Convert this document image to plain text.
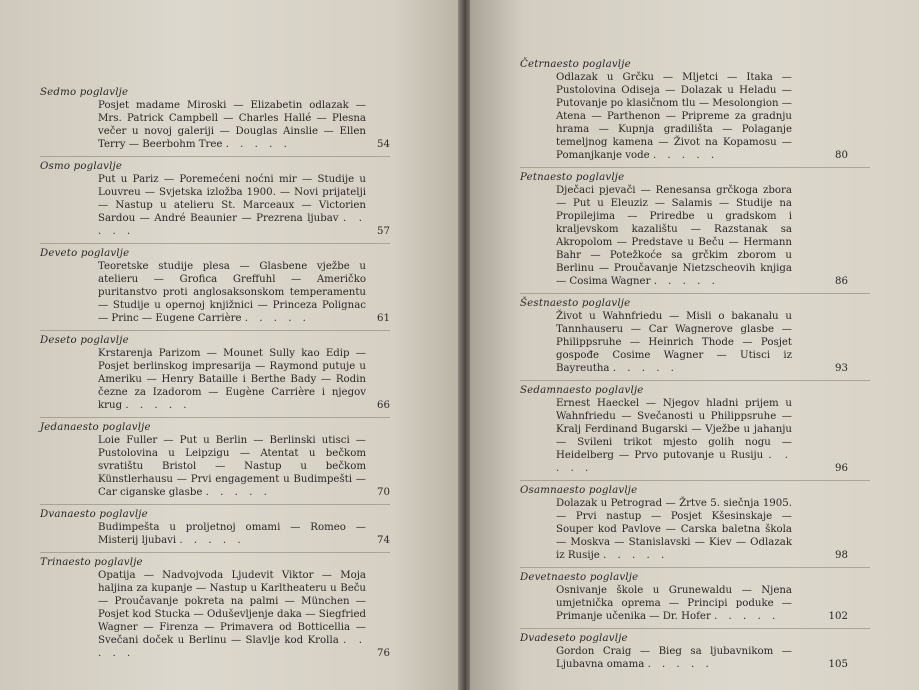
Sedmo poglavlje

Posjet madame Miroski — Elizabetin odlazak — Mrs. Patrick Campbell — Charles Hallé — Plesna večer u novoj galeriji — Douglas Ainslie — Ellen Terry — Beerbohm Tree . . . . .	54

Osmo poglavlje

Put u Pariz — Poremećeni noćni mir — Studije u Louvreu — Svjetska izložba 1900. — Novi prijatelji — Nastup u atelieru St. Marceaux — Victorien Sardou — André Beaunier — Prezrena ljubav . . . . .	57

Deveto poglavlje

Teoretske studije plesa — Glasbene vježbe u atelieru — Grofica Greffuhl — Američko puritanstvo proti anglosaksonskom temperamentu — Studije u opernoj knjižnici — Princeza Polignac — Princ — Eugene Carrière . . . . .	61

Deseto poglavlje

Krstarenja Parizom — Mounet Sully kao Edip — Posjet berlinskog impresarija — Raymond putuje u Ameriku — Henry Bataille i Berthe Bady — Rodin čezne za Izadorom — Eugène Carrière i njegov krug . . . . .	66

Jedanaesto poglavlje

Loie Fuller — Put u Berlin — Berlinski utisci — Pustolovina u Leipzigu — Atentat u bečkom svratištu Bristol — Nastup u bečkom Künstlerhausu — Prvi engagement u Budimpešti — Car ciganske glasbe . . . . .	70

Dvanaesto poglavlje

Budimpešta u proljetnoj omami — Romeo — Misterij ljubavi . . . . .	74

Trinaesto poglavlje

Opatija — Nadvojvoda Ljudevit Viktor — Moja haljina za kupanje — Nastup u Karltheateru u Beču — Proučavanje pokreta na palmi — München — Posjet kod Stucka — Oduševljenje daka — Siegfried Wagner — Firenza — Primavera od Botticellia — Svečani doček u Berlinu — Slavlje kod Krolla . . . . .	76

Četrnaesto poglavlje

Odlazak u Grčku — Mljetci — Itaka — Pustolovina Odiseja — Dolazak u Heladu — Putovanje po klasičnom tlu — Mesolongion — Atena — Parthenon — Pripreme za gradnju hrama — Kupnja gradilišta — Polaganje temeljnog kamena — Život na Kopamosu — Pomanjkanje vode . . . . .	80

Petnaesto poglavlje

Dječaci pjevači — Renesansa grčkoga zbora — Put u Eleuziz — Salamis — Studije na Propilejima — Priredbe u gradskom i kraljevskom kazalištu — Razstanak sa Akropolom — Predstave u Beču — Hermann Bahr — Potežkoće sa grčkim zborom u Berlinu — Proučavanje Nietzscheovih knjiga — Cosima Wagner . . . . .	86

Šestnaesto poglavlje

Život u Wahnfriedu — Misli o bakanalu u Tannhauseru — Car Wagnerove glasbe — Philippsruhe — Heinrich Thode — Posjet gospođe Cosime Wagner — Utisci iz Bayreutha . . . . .	93

Sedamnaesto poglavlje

Ernest Haeckel — Njegov hladni prijem u Wahnfriedu — Svečanosti u Philippsruhe — Kralj Ferdinand Bugarski — Vježbe u jahanju — Svileni trikot mjesto golih nogu — Heidelberg — Prvo putovanje u Rusiju . . . . .	96

Osamnaesto poglavlje

Dolazak u Petrograd — Žrtve 5. siečnja 1905. — Prvi nastup — Posjet Kšesinskaje — Souper kod Pavlove — Carska baletna škola — Moskva — Stanislavski — Kiev — Odlazak iz Rusije . . . . .	98

Devetnaesto poglavlje

Osnivanje škole u Grunewaldu — Njena umjetnička oprema — Principi poduke — Primanje učenika — Dr. Hofer . . . . .	102

Dvadeseto poglavlje

Gordon Craig — Bieg sa ljubavnikom — Ljubavna omama . . . . .	105
